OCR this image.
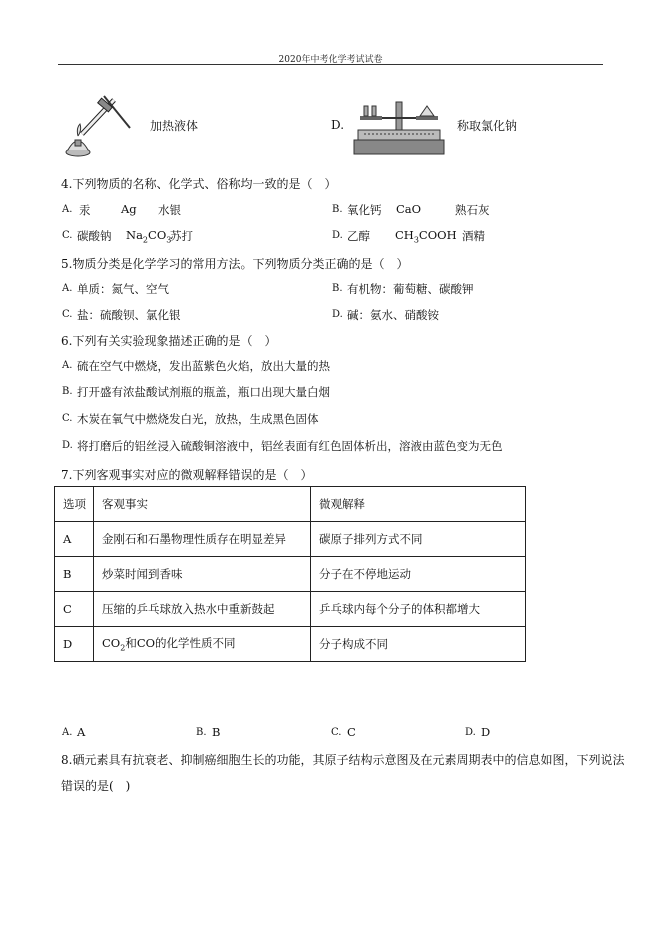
2020年中考化学考试试卷
加热液体	D.	称取氯化钠
4.下列物质的名称、化学式、俗称均一致的是（　）
A. 汞	Ag 水银	B. 氧化钙 CaO	熟石灰
C. 碳酸钠 $Na_2CO_3$
苏打	D. 乙醇 $CH_3COOH$ 酒精
5.物质分类是化学学习的常用方法。下列物质分类正确的是（　）
A. 单质：氮气、空气	B. 有机物：葡萄糖、碳酸钾
C. 盐：硫酸钡、氯化银	D. 碱：氨水、硝酸铵
6.下列有关实验现象描述正确的是（　）
A. 硫在空气中燃烧，发出蓝紫色火焰，放出大量的热
B. 打开盛有浓盐酸试剂瓶的瓶盖，瓶口出现大量白烟
C. 木炭在氧气中燃烧发白光，放热，生成黑色固体
D. 将打磨后的铝丝浸入硫酸铜溶液中，铝丝表面有红色固体析出，溶液由蓝色变为无色
7.下列客观事实对应的微观解释错误的是（　）
选项	客观事实	微观解释
A	金刚石和石墨物理性质存在明显差异	碳原子排列方式不同
B	炒菜时闻到香味	分子在不停地运动
C	压缩的乒乓球放入热水中重新鼓起	乒乓球内每个分子的体积都增大
D	$CO_2$和CO的化学性质不同	分子构成不同
A. A	B. B	C. C	D. D
8.硒元素具有抗衰老、抑制癌细胞生长的功能，其原子结构示意图及在元素周期表中的信息如图，下列说法
错误的是(　)
